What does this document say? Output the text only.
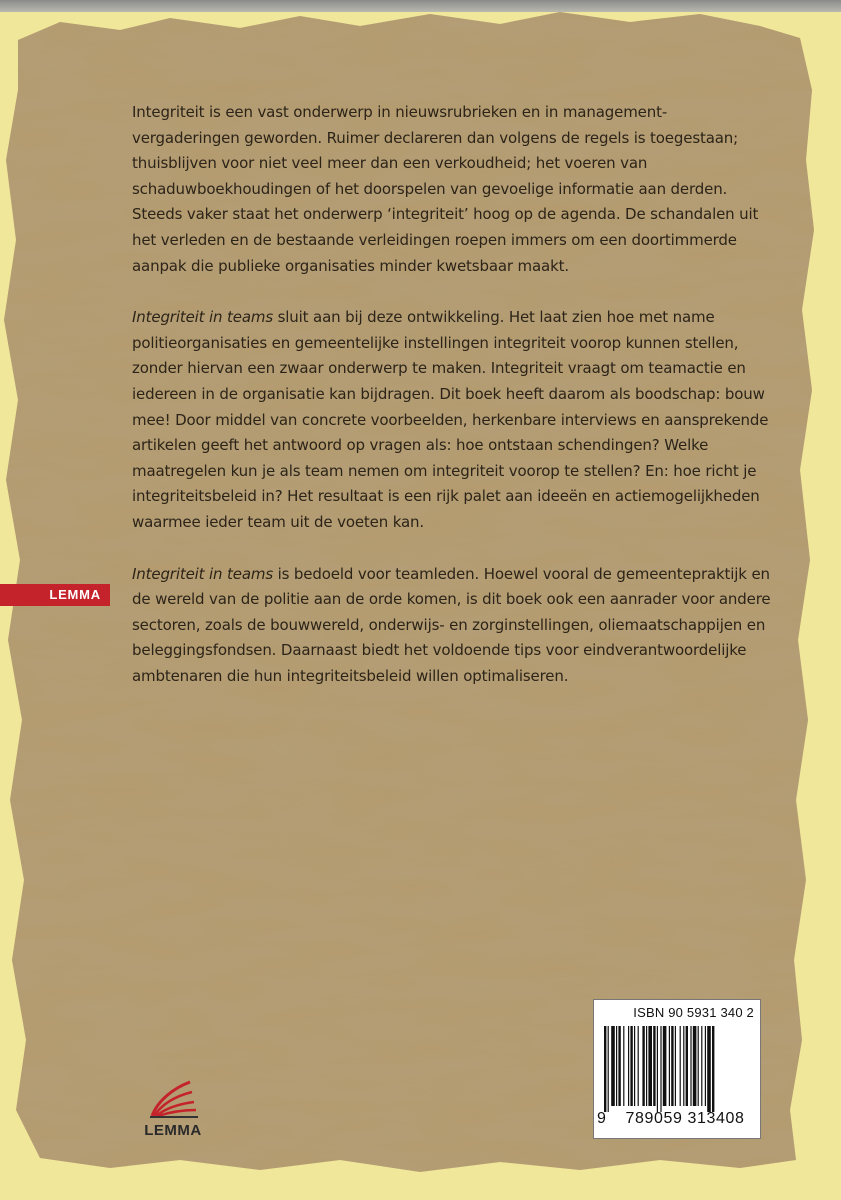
Integriteit is een vast onderwerp in nieuwsrubrieken en in management-
vergaderingen geworden. Ruimer declareren dan volgens de regels is toegestaan;
thuisblijven voor niet veel meer dan een verkoudheid; het voeren van
schaduwboekhoudingen of het doorspelen van gevoelige informatie aan derden.
Steeds vaker staat het onderwerp ‘integriteit’ hoog op de agenda. De schandalen uit
het verleden en de bestaande verleidingen roepen immers om een doortimmerde
aanpak die publieke organisaties minder kwetsbaar maakt.

Integriteit in teams sluit aan bij deze ontwikkeling. Het laat zien hoe met name
politieorganisaties en gemeentelijke instellingen integriteit voorop kunnen stellen,
zonder hiervan een zwaar onderwerp te maken. Integriteit vraagt om teamactie en
iedereen in de organisatie kan bijdragen. Dit boek heeft daarom als boodschap: bouw
mee! Door middel van concrete voorbeelden, herkenbare interviews en aansprekende
artikelen geeft het antwoord op vragen als: hoe ontstaan schendingen? Welke
maatregelen kun je als team nemen om integriteit voorop te stellen? En: hoe richt je
integriteitsbeleid in? Het resultaat is een rijk palet aan ideeën en actiemogelijkheden
waarmee ieder team uit de voeten kan.

Integriteit in teams is bedoeld voor teamleden. Hoewel vooral de gemeentepraktijk en
de wereld van de politie aan de orde komen, is dit boek ook een aanrader voor andere
sectoren, zoals de bouwwereld, onderwijs- en zorginstellingen, oliemaatschappijen en
beleggingsfondsen. Daarnaast biedt het voldoende tips voor eindverantwoordelijke
ambtenaren die hun integriteitsbeleid willen optimaliseren.

LEMMA
LEMMA
ISBN 90 5931 340 2
9	789059 313408
